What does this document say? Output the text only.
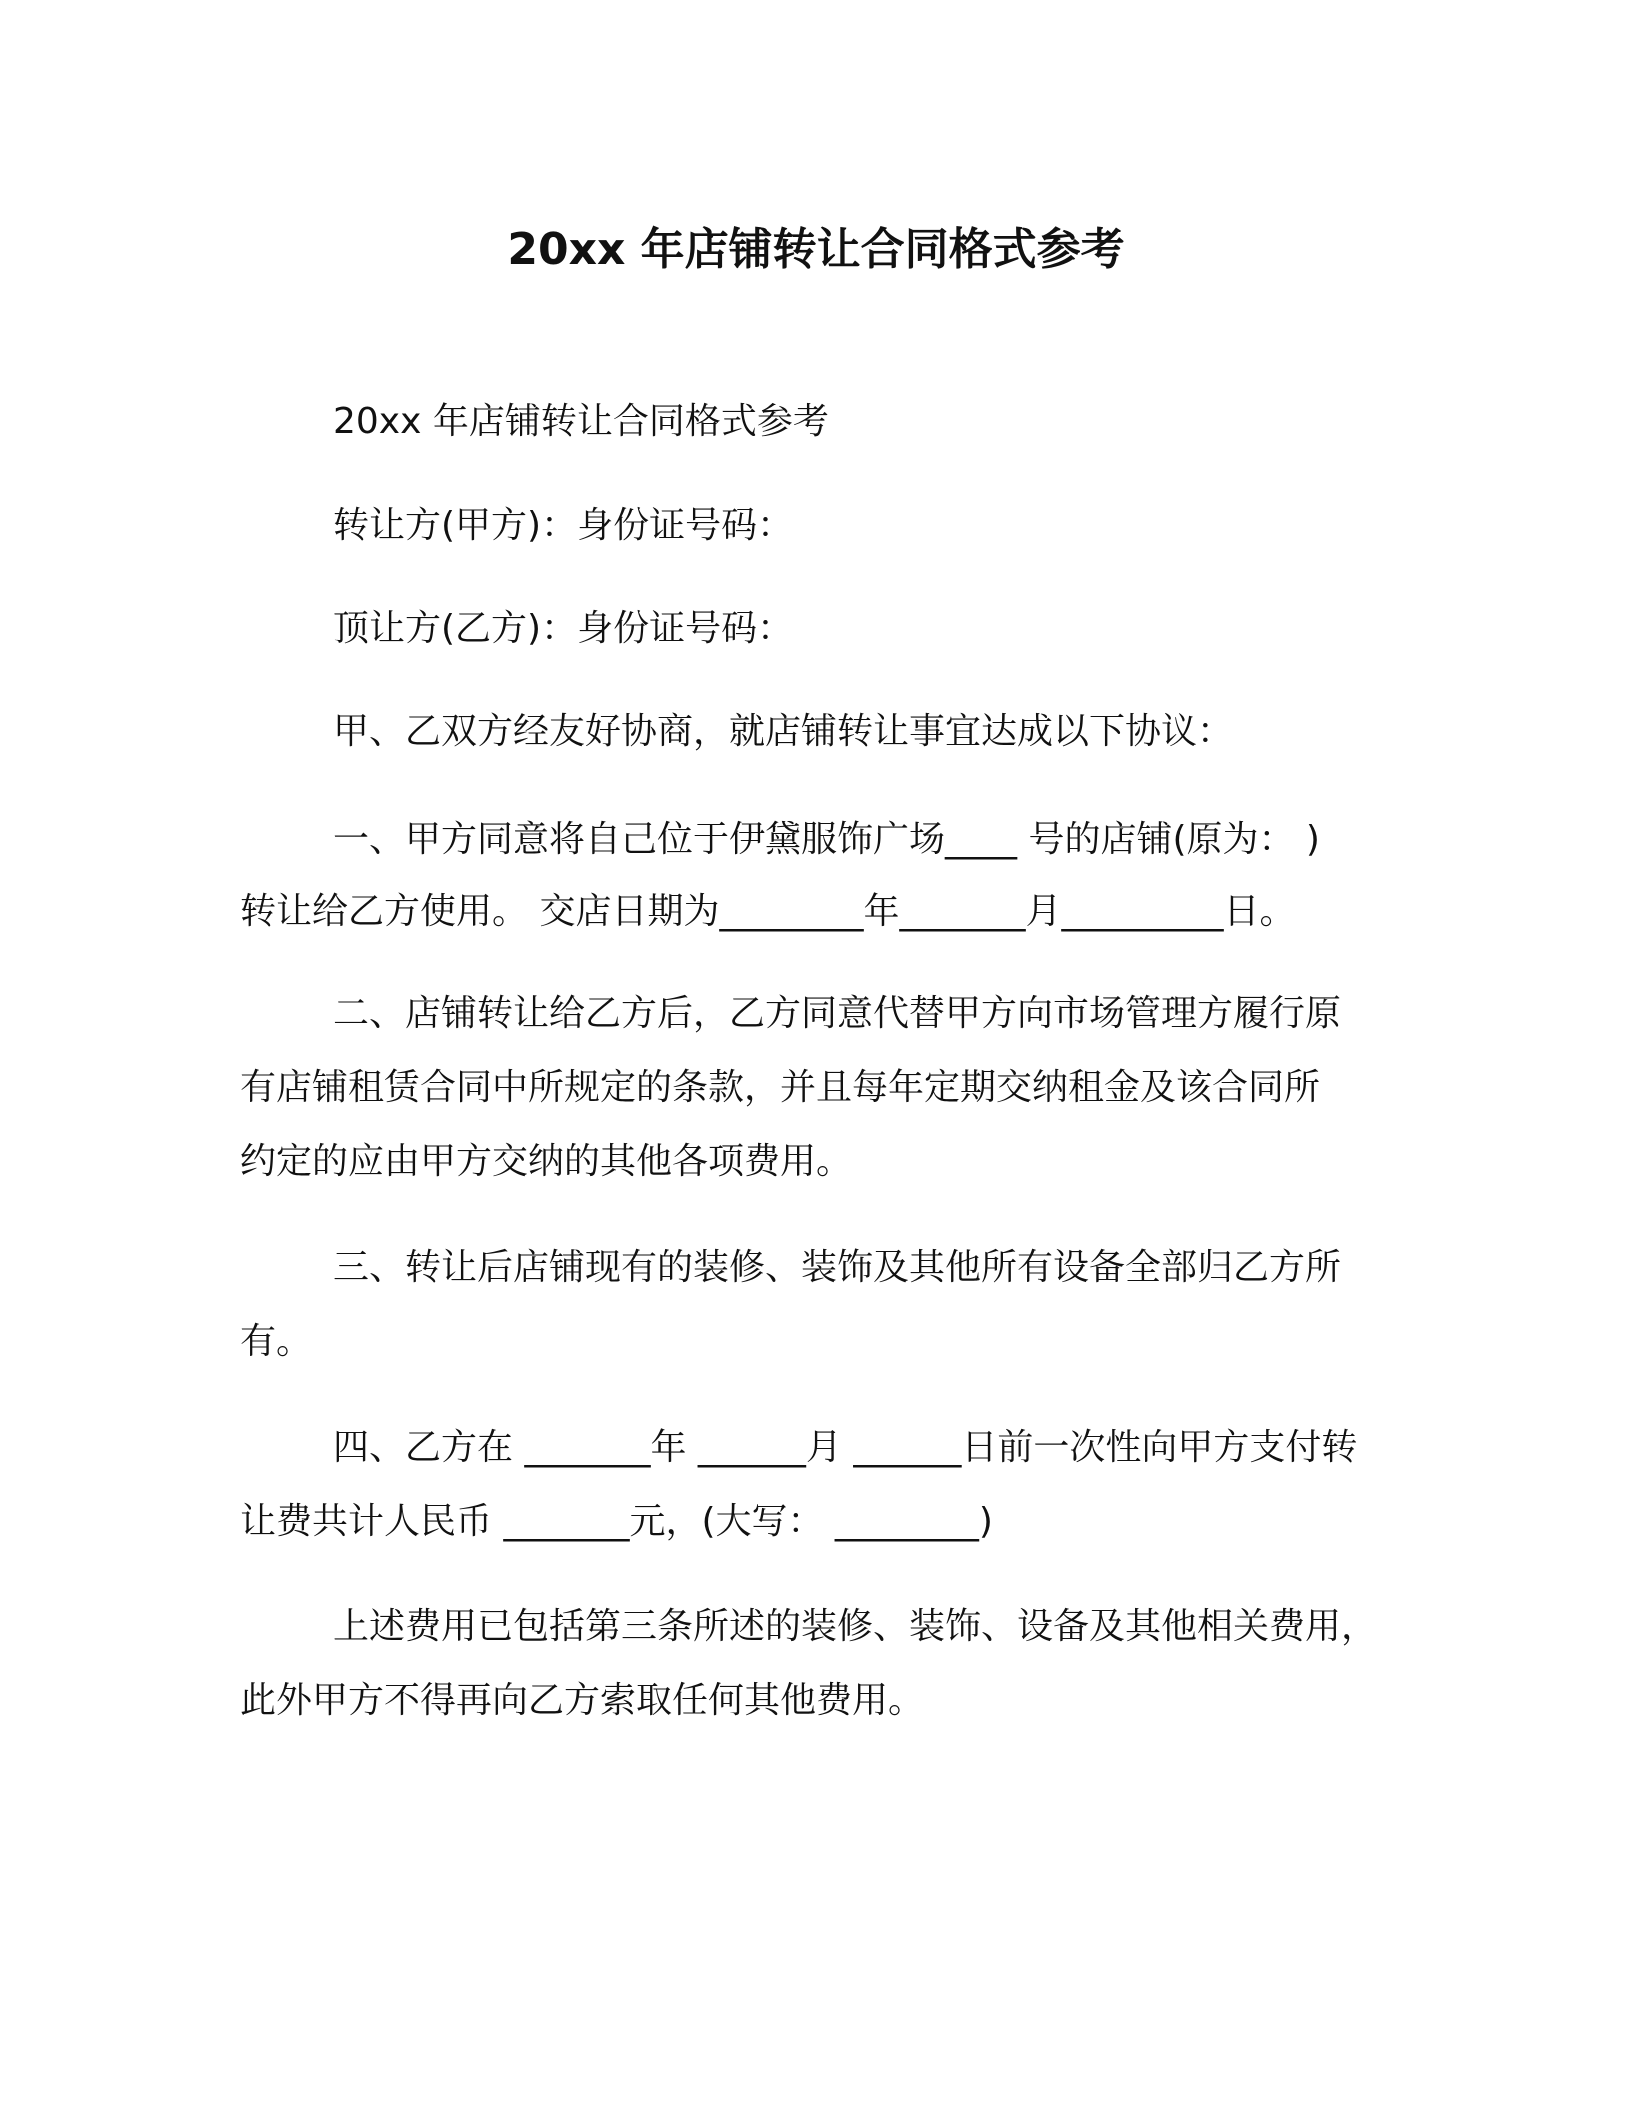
20xx 年店铺转让合同格式参考
20xx 年店铺转让合同格式参考
转让方(甲方)：身份证号码：
顶让方(乙方)：身份证号码：
甲、乙双方经友好协商，就店铺转让事宜达成以下协议：
一、甲方同意将自己位于伊黛服饰广场____ 号的店铺(原为： )
转让给乙方使用。 交店日期为________年_______月_________日。
二、店铺转让给乙方后，乙方同意代替甲方向市场管理方履行原
有店铺租赁合同中所规定的条款，并且每年定期交纳租金及该合同所
约定的应由甲方交纳的其他各项费用。
三、转让后店铺现有的装修、装饰及其他所有设备全部归乙方所
有。
四、乙方在 _______年 ______月 ______日前一次性向甲方支付转
让费共计人民币 _______元，(大写： ________)
上述费用已包括第三条所述的装修、装饰、设备及其他相关费用，
此外甲方不得再向乙方索取任何其他费用。
